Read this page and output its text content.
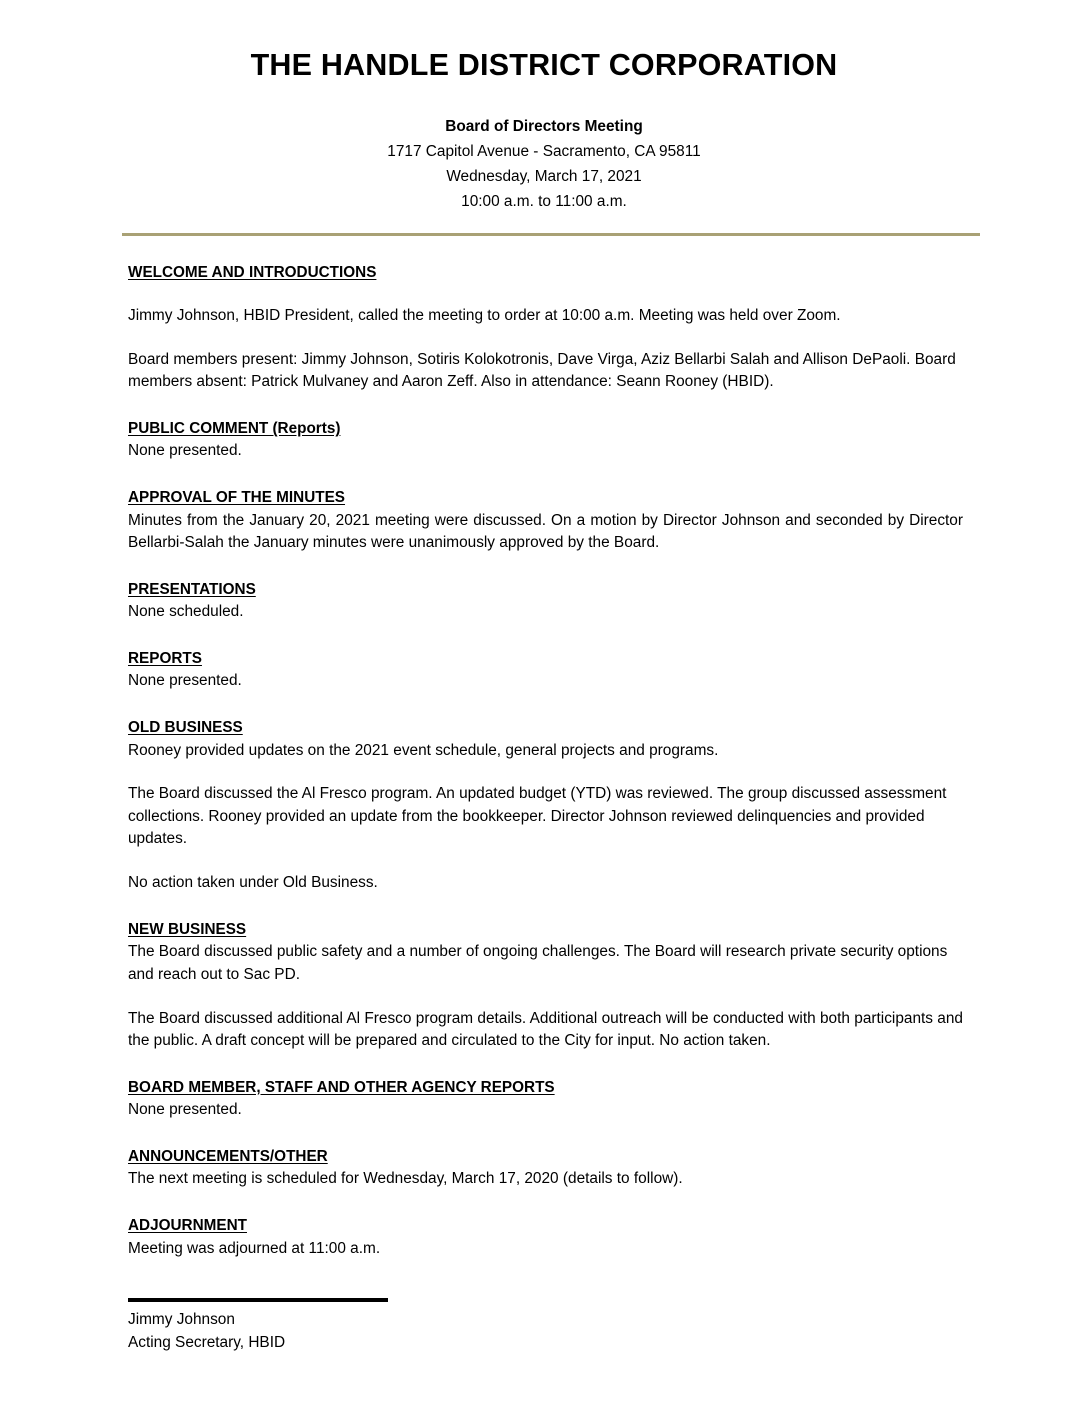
THE HANDLE DISTRICT CORPORATION
Board of Directors Meeting
1717 Capitol Avenue - Sacramento, CA 95811
Wednesday, March 17, 2021
10:00 a.m. to 11:00 a.m.
WELCOME AND INTRODUCTIONS

Jimmy Johnson, HBID President, called the meeting to order at 10:00 a.m. Meeting was held over Zoom.

Board members present: Jimmy Johnson, Sotiris Kolokotronis, Dave Virga, Aziz Bellarbi Salah and Allison DePaoli. Board members absent: Patrick Mulvaney and Aaron Zeff. Also in attendance: Seann Rooney (HBID).

PUBLIC COMMENT (Reports)

None presented.

APPROVAL OF THE MINUTES

Minutes from the January 20, 2021 meeting were discussed. On a motion by Director Johnson and seconded by Director Bellarbi-Salah the January minutes were unanimously approved by the Board.

PRESENTATIONS

None scheduled.

REPORTS

None presented.

OLD BUSINESS

Rooney provided updates on the 2021 event schedule, general projects and programs.

The Board discussed the Al Fresco program. An updated budget (YTD) was reviewed. The group discussed assessment collections. Rooney provided an update from the bookkeeper. Director Johnson reviewed delinquencies and provided updates.

No action taken under Old Business.

NEW BUSINESS

The Board discussed public safety and a number of ongoing challenges. The Board will research private security options and reach out to Sac PD.

The Board discussed additional Al Fresco program details. Additional outreach will be conducted with both participants and the public. A draft concept will be prepared and circulated to the City for input. No action taken.

BOARD MEMBER, STAFF AND OTHER AGENCY REPORTS

None presented.

ANNOUNCEMENTS/OTHER

The next meeting is scheduled for Wednesday, March 17, 2020 (details to follow).

ADJOURNMENT

Meeting was adjourned at 11:00 a.m.

Jimmy Johnson

Acting Secretary, HBID
